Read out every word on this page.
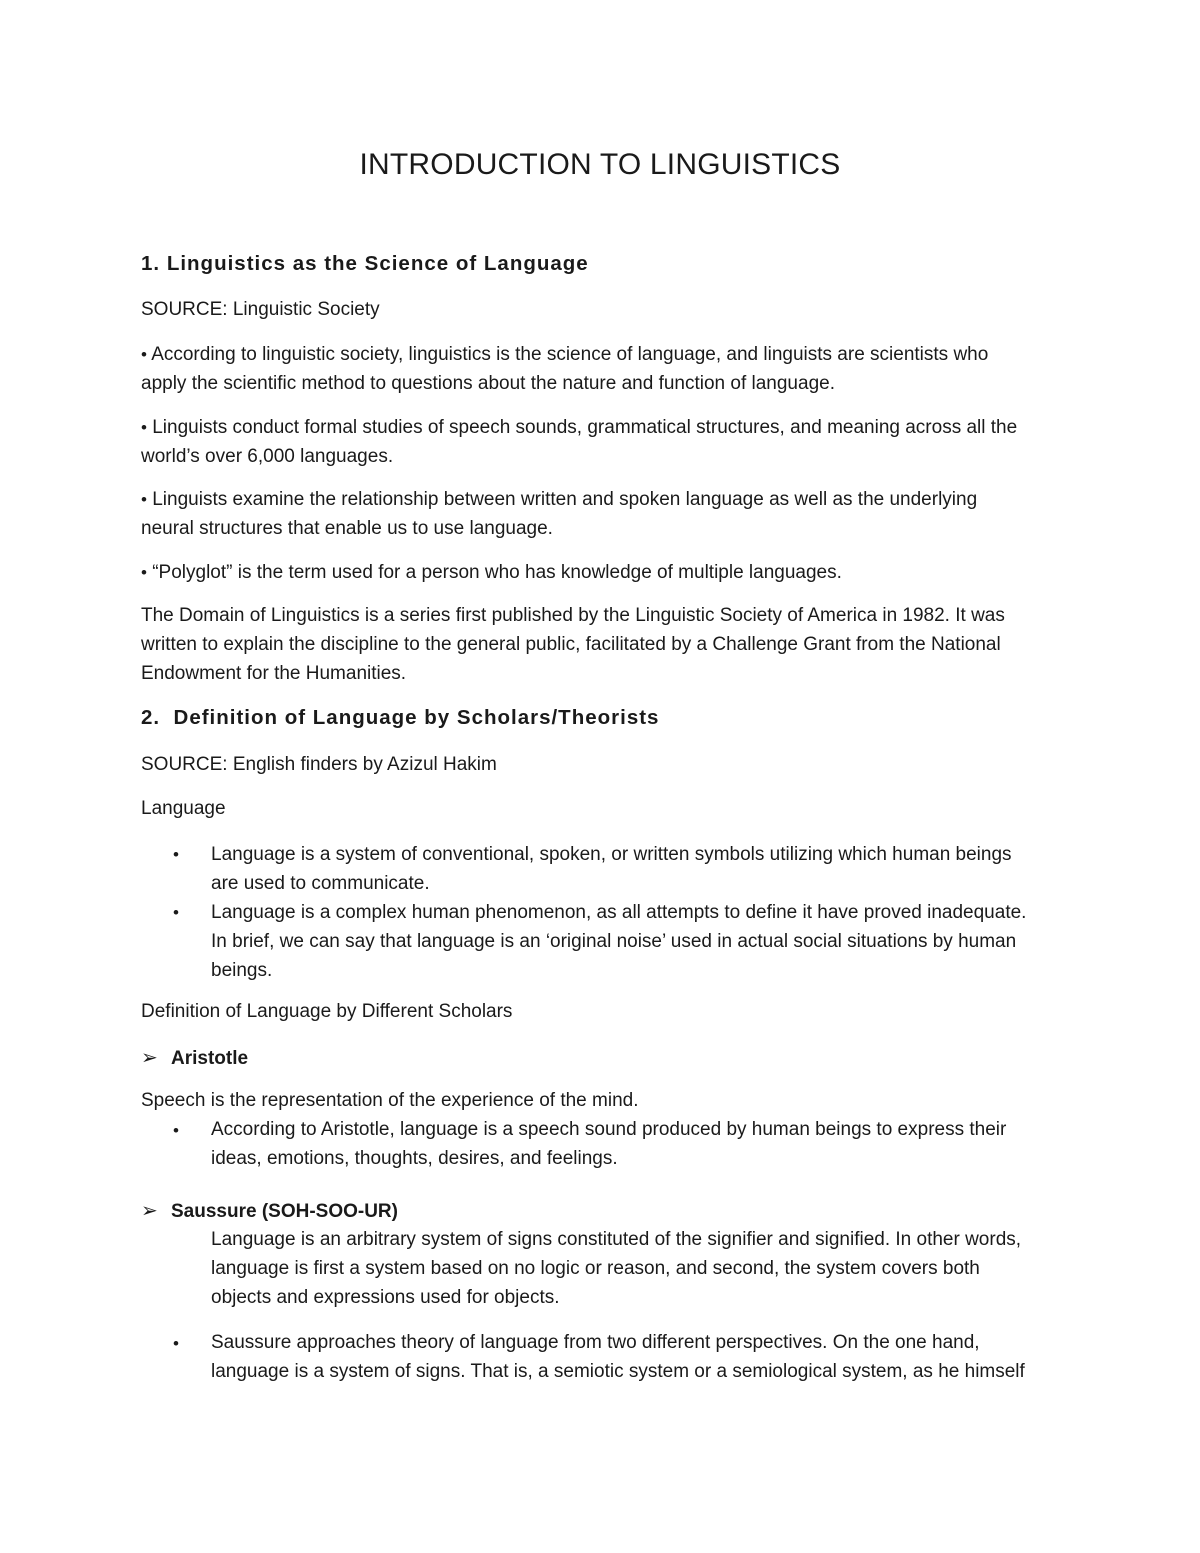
INTRODUCTION TO LINGUISTICS
1. Linguistics as the Science of Language
SOURCE: Linguistic Society
• According to linguistic society, linguistics is the science of language, and linguists are scientists who
apply the scientific method to questions about the nature and function of language.
• Linguists conduct formal studies of speech sounds, grammatical structures, and meaning across all the
world’s over 6,000 languages.
• Linguists examine the relationship between written and spoken language as well as the underlying
neural structures that enable us to use language.
• “Polyglot” is the term used for a person who has knowledge of multiple languages.
The Domain of Linguistics is a series first published by the Linguistic Society of America in 1982. It was
written to explain the discipline to the general public, facilitated by a Challenge Grant from the National
Endowment for the Humanities.
2. Definition of Language by Scholars/Theorists
SOURCE: English finders by Azizul Hakim
Language
• Language is a system of conventional, spoken, or written symbols utilizing which human beings
are used to communicate.
• Language is a complex human phenomenon, as all attempts to define it have proved inadequate.
In brief, we can say that language is an ‘original noise’ used in actual social situations by human
beings.
Definition of Language by Different Scholars
➢ Aristotle
Speech is the representation of the experience of the mind.
• According to Aristotle, language is a speech sound produced by human beings to express their
ideas, emotions, thoughts, desires, and feelings.
➢ Saussure (SOH-SOO-UR)
Language is an arbitrary system of signs constituted of the signifier and signified. In other words,
language is first a system based on no logic or reason, and second, the system covers both
objects and expressions used for objects.
• Saussure approaches theory of language from two different perspectives. On the one hand,
language is a system of signs. That is, a semiotic system or a semiological system, as he himself
